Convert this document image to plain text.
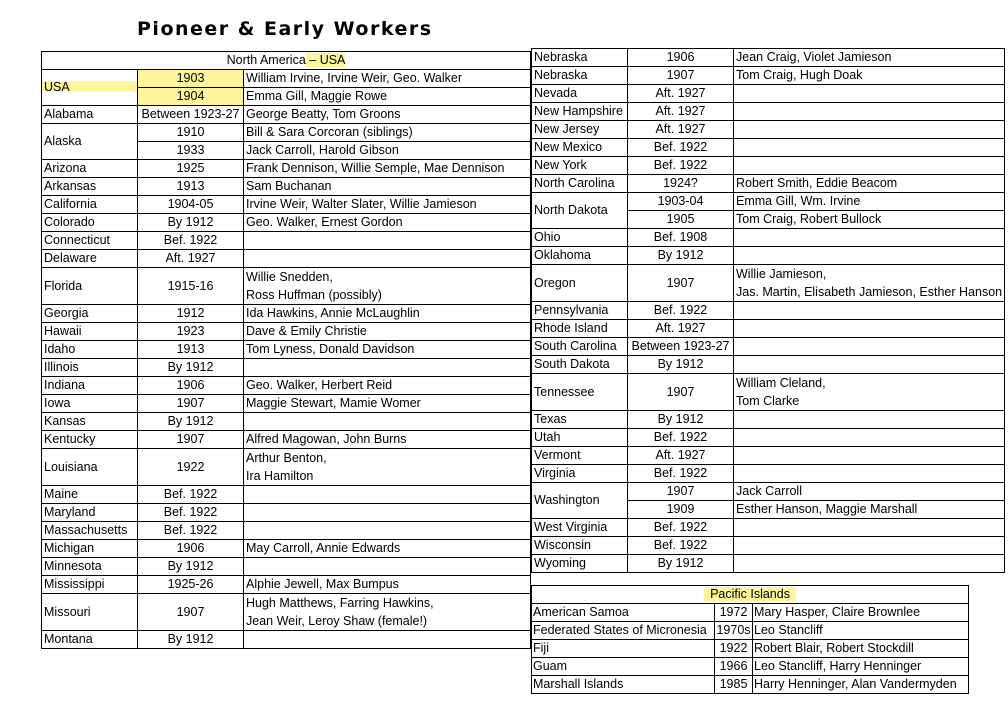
Pioneer & Early Workers
North America – USA		
USA	1903	William Irvine, Irvine Weir, Geo. Walker
	1904	Emma Gill, Maggie Rowe
Alabama	Between 1923-27	George Beatty, Tom Groons
Alaska	1910	Bill & Sara Corcoran (siblings)
	1933	Jack Carroll, Harold Gibson
Arizona	1925	Frank Dennison, Willie Semple, Mae Dennison
Arkansas	1913	Sam Buchanan
California	1904-05	Irvine Weir, Walter Slater, Willie Jamieson
Colorado	By 1912	Geo. Walker, Ernest Gordon
Connecticut	Bef. 1922	
Delaware	Aft. 1927	
Florida	1915-16	Willie Snedden,
Ross Huffman (possibly)

Georgia	1912	Ida Hawkins, Annie McLaughlin
Hawaii	1923	Dave & Emily Christie
Idaho	1913	Tom Lyness, Donald Davidson
Illinois	By 1912	
Indiana	1906	Geo. Walker, Herbert Reid
Iowa	1907	Maggie Stewart, Mamie Womer
Kansas	By 1912	
Kentucky	1907	Alfred Magowan, John Burns
Louisiana	1922	Arthur Benton,
Ira Hamilton

Maine	Bef. 1922	
Maryland	Bef. 1922	
Massachusetts	Bef. 1922	
Michigan	1906	May Carroll, Annie Edwards
Minnesota	By 1912	
Mississippi	1925-26	Alphie Jewell, Max Bumpus
Missouri	1907	Hugh Matthews, Farring Hawkins,
Jean Weir, Leroy Shaw (female!)

Montana	By 1912	
Nebraska	1906	Jean Craig, Violet Jamieson
Nebraska	1907	Tom Craig, Hugh Doak
Nevada	Aft. 1927	
New Hampshire	Aft. 1927	
New Jersey	Aft. 1927	
New Mexico	Bef. 1922	
New York	Bef. 1922	
North Carolina	1924?	Robert Smith, Eddie Beacom
North Dakota	1903-04	Emma Gill, Wm. Irvine
	1905	Tom Craig, Robert Bullock
Ohio	Bef. 1908	
Oklahoma	By 1912	
Oregon	1907	Willie Jamieson,
Jas. Martin, Elisabeth Jamieson, Esther Hanson

Pennsylvania	Bef. 1922	
Rhode Island	Aft. 1927	
South Carolina	Between 1923-27	
South Dakota	By 1912	
Tennessee	1907	William Cleland,
Tom Clarke

Texas	By 1912	
Utah	Bef. 1922	
Vermont	Aft. 1927	
Virginia	Bef. 1922	
Washington	1907	Jack Carroll
	1909	Esther Hanson, Maggie Marshall
West Virginia	Bef. 1922	
Wisconsin	Bef. 1922	
Wyoming	By 1912	
Pacific Islands		
American Samoa	1972	Mary Hasper, Claire Brownlee
Federated States of Micronesia	1970s	Leo Stancliff
Fiji	1922	Robert Blair, Robert Stockdill
Guam	1966	Leo Stancliff, Harry Henninger
Marshall Islands	1985	Harry Henninger, Alan Vandermyden
